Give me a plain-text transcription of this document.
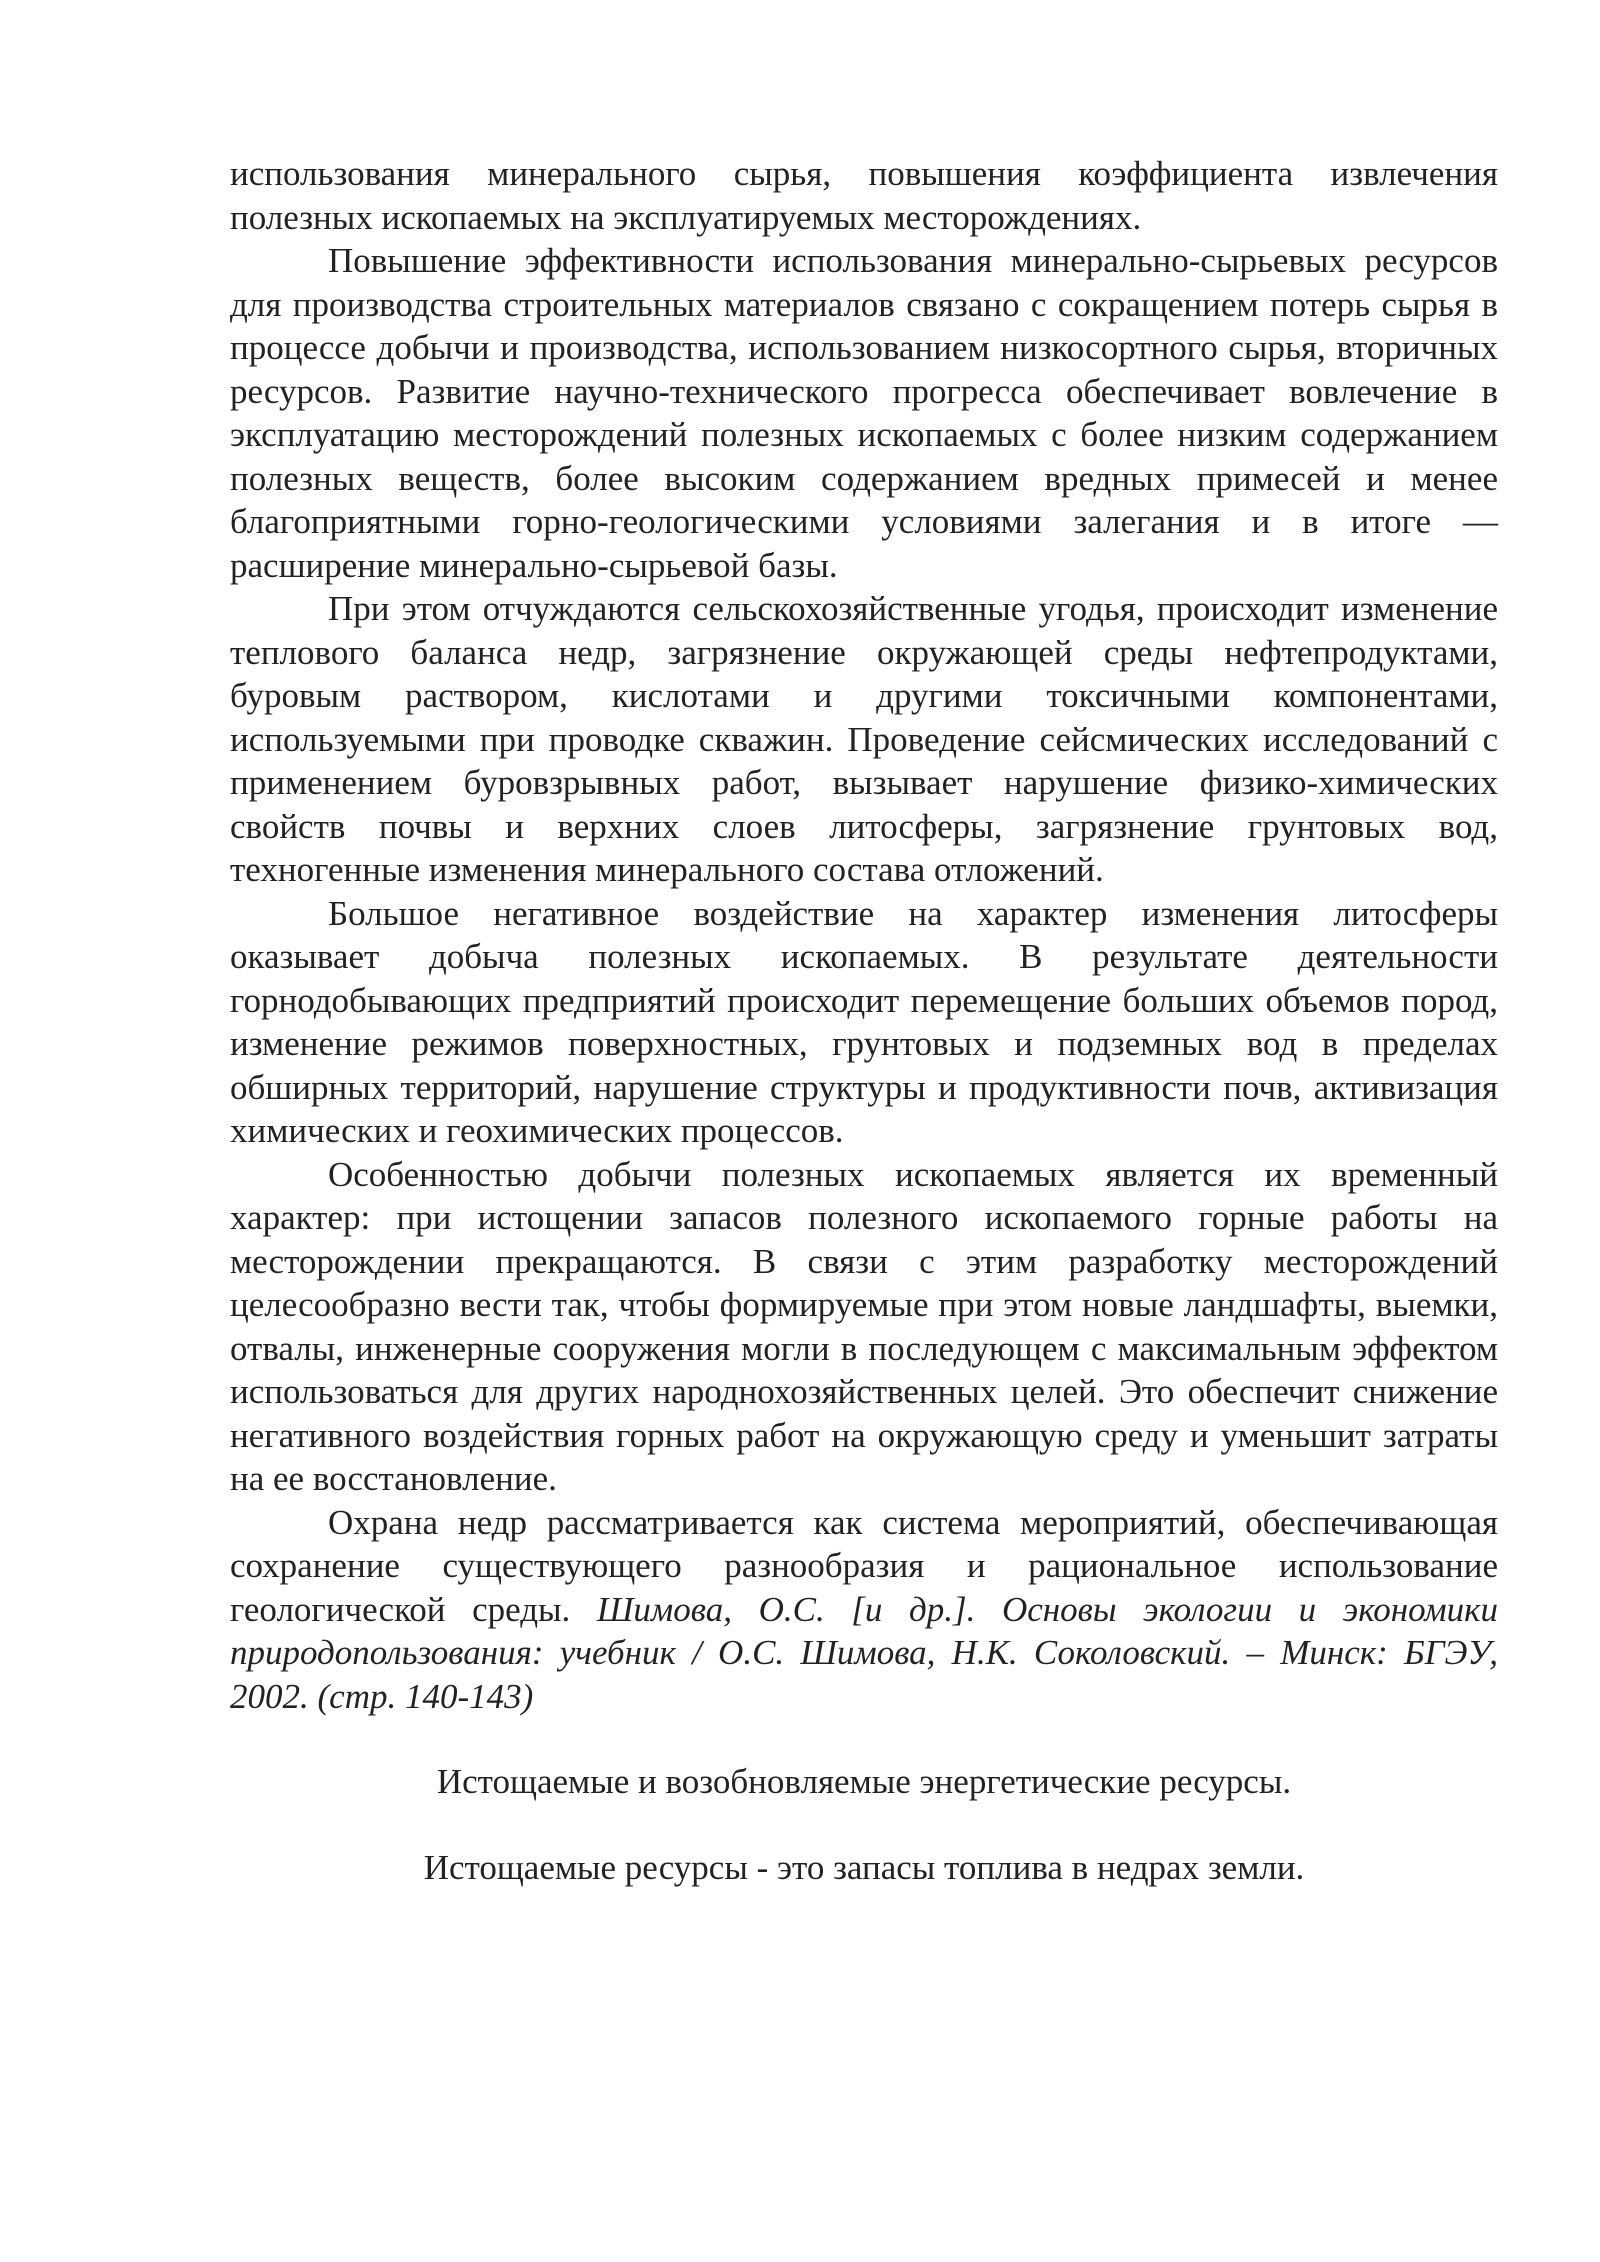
использования минерального сырья, повышения коэффициента извлечения полезных ископаемых на эксплуатируемых месторождениях.

Повышение эффективности использования минерально-сырьевых ресурсов для производства строительных материалов связано с сокращением потерь сырья в процессе добычи и производства, использованием низкосортного сырья, вторичных ресурсов. Развитие научно-технического прогресса обеспечивает вовлечение в эксплуатацию месторождений полезных ископаемых с более низким содержанием полезных веществ, более высоким содержанием вредных примесей и менее благоприятными горно-геологическими условиями залегания и в итоге — расширение минерально-сырьевой базы.

При этом отчуждаются сельскохозяйственные угодья, происходит изменение теплового баланса недр, загрязнение окружающей среды нефтепродуктами, буровым раствором, кислотами и другими токсичными компонентами, используемыми при проводке скважин. Проведение сейсмических исследований с применением буровзрывных работ, вызывает нарушение физико-химических свойств почвы и верхних слоев литосферы, загрязнение грунтовых вод, техногенные изменения минерального состава отложений.

Большое негативное воздействие на характер изменения литосферы оказывает добыча полезных ископаемых. В результате деятельности горнодобывающих предприятий происходит перемещение больших объемов пород, изменение режимов поверхностных, грунтовых и подземных вод в пределах обширных территорий, нарушение структуры и продуктивности почв, активизация химических и геохимических процессов.

Особенностью добычи полезных ископаемых является их временный характер: при истощении запасов полезного ископаемого горные работы на месторождении прекращаются. В связи с этим разработку месторождений целесообразно вести так, чтобы формируемые при этом новые ландшафты, выемки, отвалы, инженерные сооружения могли в последующем с максимальным эффектом использоваться для других народнохозяйственных целей. Это обеспечит снижение негативного воздействия горных работ на окружающую среду и уменьшит затраты на ее восстановление.

Охрана недр рассматривается как система мероприятий, обеспечивающая сохранение существующего разнообразия и рациональное использование геологической среды. Шимова, О.С. [и др.]. Основы экологии и экономики природопользования: учебник / О.С. Шимова, Н.К. Соколовский. – Минск: БГЭУ, 2002. (стр. 140-143)

Истощаемые и возобновляемые энергетические ресурсы.

Истощаемые ресурсы - это запасы топлива в недрах земли.
